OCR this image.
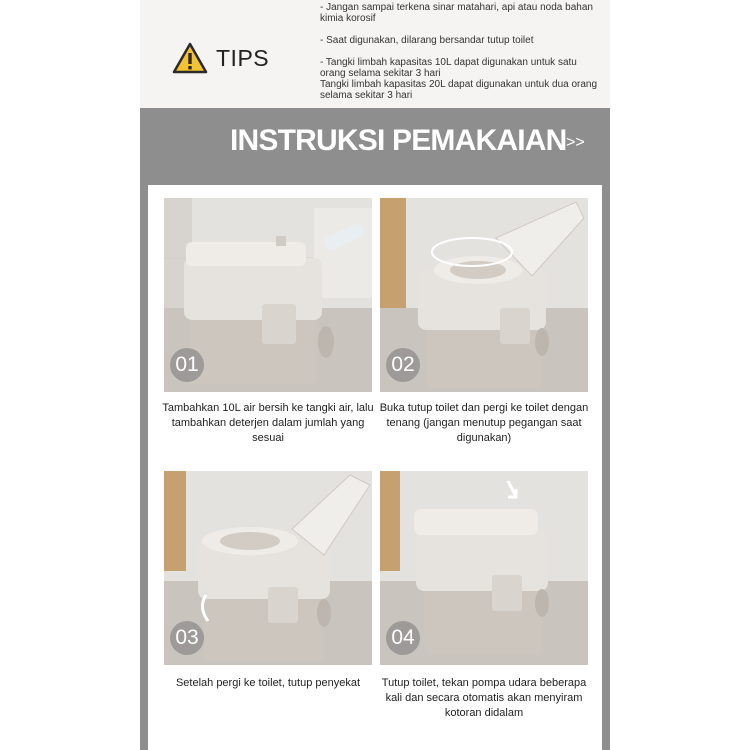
TIPS
- Jangan sampai terkena sinar matahari, api atau noda bahan kimia korosif
- Saat digunakan, dilarang bersandar tutup toilet
- Tangki limbah kapasitas 10L dapat digunakan untuk satu orang selama sekitar 3 hari
Tangki limbah kapasitas 20L dapat digunakan untuk dua orang selama sekitar 3 hari
INSTRUKSI PEMAKAIAN >>
01
Tambahkan 10L air bersih ke tangki air, lalu tambahkan deterjen dalam jumlah yang sesuai
02
Buka tutup toilet dan pergi ke toilet dengan tenang (jangan menutup pegangan saat digunakan)
03
Setelah pergi ke toilet, tutup penyekat
04
Tutup toilet, tekan pompa udara beberapa kali dan secara otomatis akan menyiram kotoran didalam
